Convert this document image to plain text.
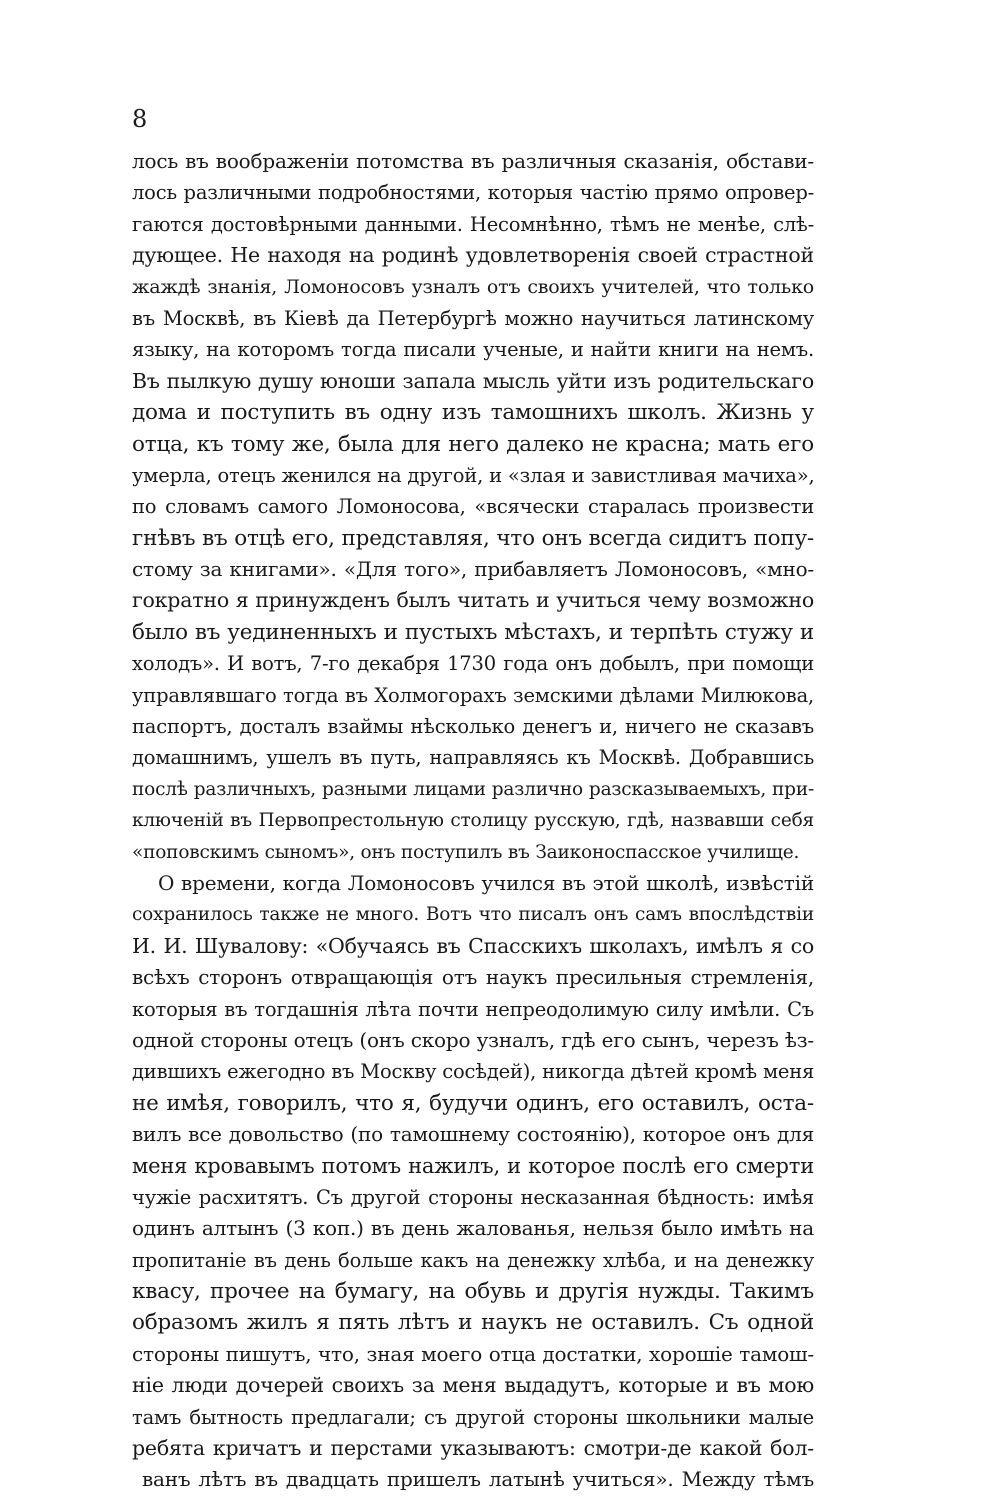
8
лось въ воображеніи потомства въ различныя сказанія, обстави-
лось различными подробностями, которыя частію прямо опровер-
гаются достовѣрными данными. Несомнѣнно, тѣмъ не менѣе, слѣ-
дующее. Не находя на родинѣ удовлетворенія своей страстной
жаждѣ знанія, Ломоносовъ узналъ отъ своихъ учителей, что только
въ Москвѣ, въ Кіевѣ да Петербургѣ можно научиться латинскому
языку, на которомъ тогда писали ученые, и найти книги на немъ.
Въ пылкую душу юноши запала мысль уйти изъ родительскаго
дома и поступить въ одну изъ тамошнихъ школъ. Жизнь у
отца, къ тому же, была для него далеко не красна; мать его
умерла, отецъ женился на другой, и «злая и завистливая мачиха»,
по словамъ самого Ломоносова, «всячески старалась произвести
гнѣвъ въ отцѣ его, представляя, что онъ всегда сидитъ попу-
стому за книгами». «Для того», прибавляетъ Ломоносовъ, «мно-
гократно я принужденъ былъ читать и учиться чему возможно
было въ уединенныхъ и пустыхъ мѣстахъ, и терпѣть стужу и
холодъ». И вотъ, 7-го декабря 1730 года онъ добылъ, при помощи
управлявшаго тогда въ Холмогорахъ земскими дѣлами Милюкова,
паспортъ, досталъ взаймы нѣсколько денегъ и, ничего не сказавъ
домашнимъ, ушелъ въ путь, направляясь къ Москвѣ. Добравшись
послѣ различныхъ, разными лицами различно разсказываемыхъ, при-
ключеній въ Первопрестольную столицу русскую, гдѣ, назвавши себя
«поповскимъ сыномъ», онъ поступилъ въ Заиконоспасское училище.
О времени, когда Ломоносовъ учился въ этой школѣ, извѣстій
сохранилось также не много. Вотъ что писалъ онъ самъ впослѣдствіи
И. И. Шувалову: «Обучаясь въ Спасскихъ школахъ, имѣлъ я со
всѣхъ сторонъ отвращающія отъ наукъ пресильныя стремленія,
которыя въ тогдашнія лѣта почти непреодолимую силу имѣли. Съ
одной стороны отецъ (онъ скоро узналъ, гдѣ его сынъ, черезъ ѣз-
дившихъ ежегодно въ Москву сосѣдей), никогда дѣтей кромѣ меня
не имѣя, говорилъ, что я, будучи одинъ, его оставилъ, оста-
вилъ все довольство (по тамошнему состоянію), которое онъ для
меня кровавымъ потомъ нажилъ, и которое послѣ его смерти
чужіе расхитятъ. Съ другой стороны несказанная бѣдность: имѣя
одинъ алтынъ (3 коп.) въ день жалованья, нельзя было имѣть на
пропитаніе въ день больше какъ на денежку хлѣба, и на денежку
квасу, прочее на бумагу, на обувь и другія нужды. Такимъ
образомъ жилъ я пять лѣтъ и наукъ не оставилъ. Съ одной
стороны пишутъ, что, зная моего отца достатки, хорошіе тамош-
ніе люди дочерей своихъ за меня выдадутъ, которые и въ мою
тамъ бытность предлагали; съ другой стороны школьники малые
ребята кричатъ и перстами указываютъ: смотри-де какой бол-
ванъ лѣтъ въ двадцать пришелъ латынѣ учиться». Между тѣмъ
